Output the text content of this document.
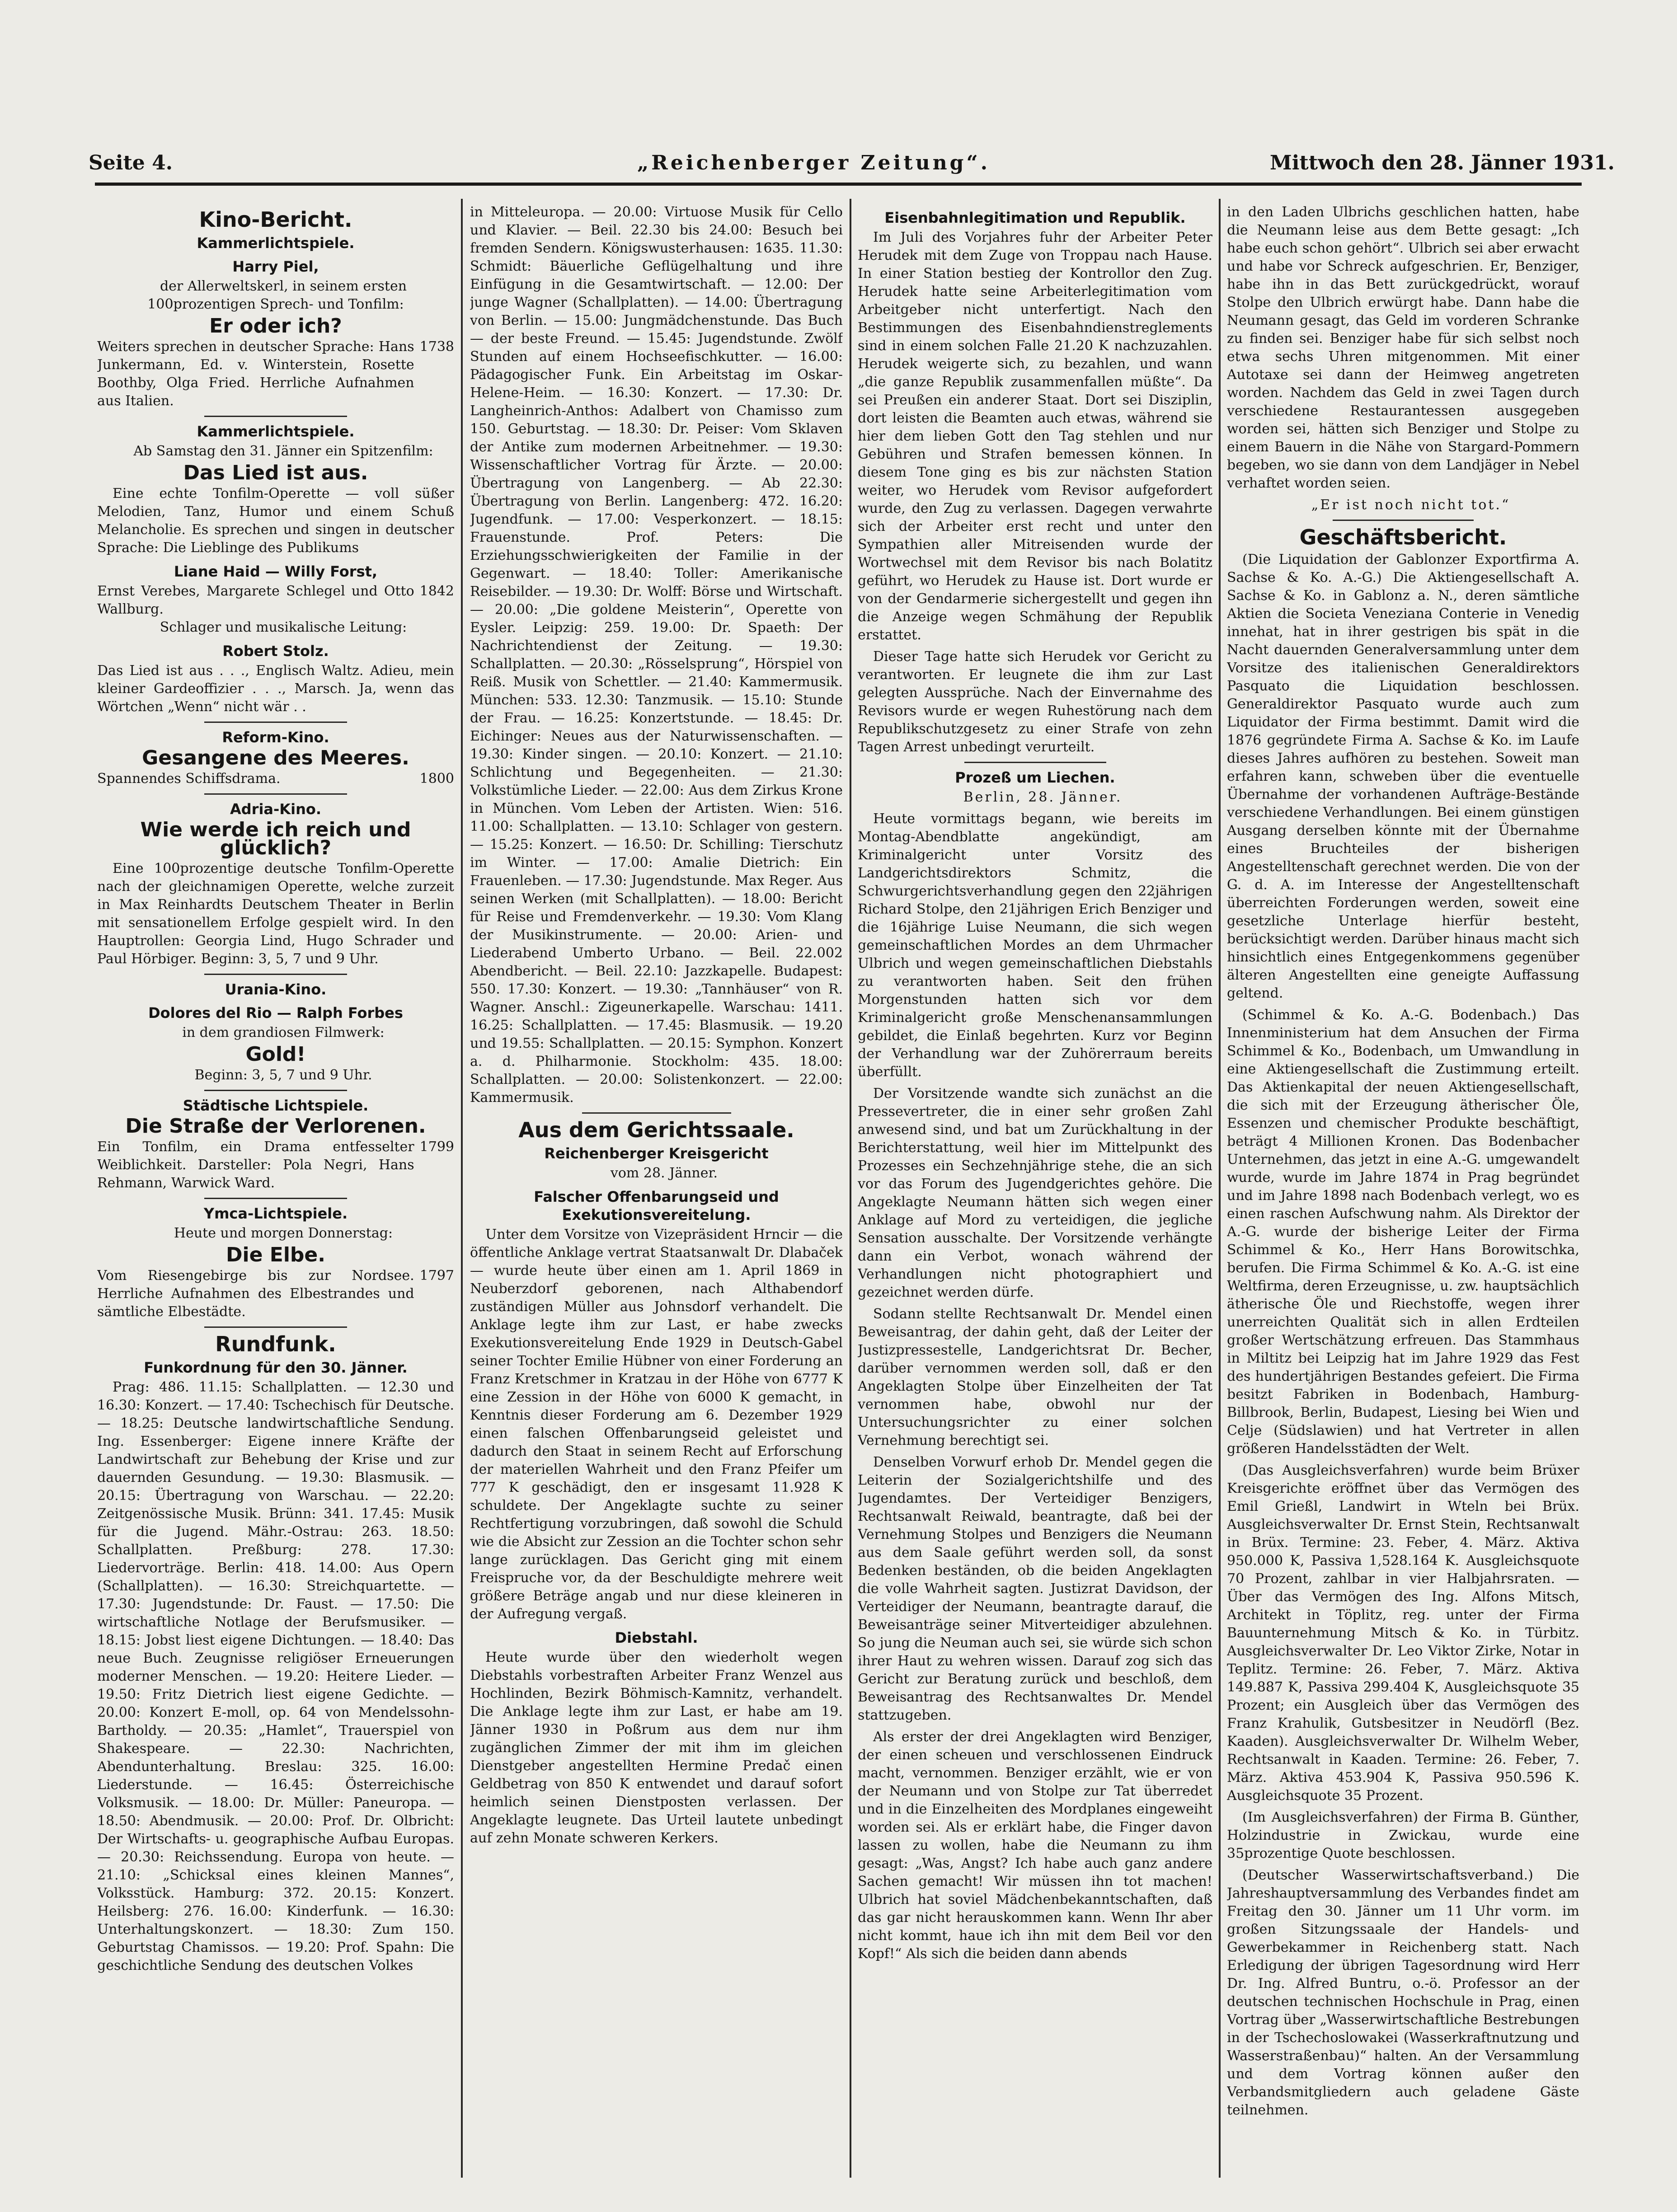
Seite 4.	„Reichenberger Zeitung“.	Mittwoch den 28. Jänner 1931.
Kino-Bericht.
Kammerlichtspiele.
Harry Piel,

der Allerweltskerl, in seinem ersten 100prozentigen Sprech- und Tonfilm:

Er oder ich?
Weiters sprechen in deutscher Sprache: Hans Junkermann, Ed. v. Winterstein, Rosette Boothby, Olga Fried. Herrliche Aufnahmen aus Italien.
1738
Kammerlichtspiele.

Ab Samstag den 31. Jänner ein Spitzenfilm:

Das Lied ist aus.

Eine echte Tonfilm-Operette — voll süßer Melodien, Tanz, Humor und einem Schuß Melancholie. Es sprechen und singen in deutscher Sprache: Die Lieblinge des Publikums

Liane Haid — Willy Forst,
Ernst Verebes, Margarete Schlegel und Otto Wallburg.
1842

Schlager und musikalische Leitung:

Robert Stolz.

Das Lied ist aus . . ., Englisch Waltz. Adieu, mein kleiner Gardeoffizier . . ., Marsch. Ja, wenn das Wörtchen „Wenn“ nicht wär . .

Reform-Kino.
Gesangene des Meeres.
Spannendes Schiffsdrama.	1800
Adria-Kino.
Wie werde ich reich und glücklich?

Eine 100prozentige deutsche Tonfilm-Operette nach der gleichnamigen Operette, welche zurzeit in Max Reinhardts Deutschem Theater in Berlin mit sensationellem Erfolge gespielt wird. In den Hauptrollen: Georgia Lind, Hugo Schrader und Paul Hörbiger. Beginn: 3, 5, 7 und 9 Uhr.

Urania-Kino.
Dolores del Rio — Ralph Forbes

in dem grandiosen Filmwerk:

Gold!

Beginn: 3, 5, 7 und 9 Uhr.

Städtische Lichtspiele.
Die Straße der Verlorenen.
Ein Tonfilm, ein Drama entfesselter Weiblichkeit. Darsteller: Pola Negri, Hans Rehmann, Warwick Ward.
1799
Ymca-Lichtspiele.

Heute und morgen Donnerstag:

Die Elbe.
Vom Riesengebirge bis zur Nordsee. Herrliche Aufnahmen des Elbestrandes und sämtliche Elbestädte.
1797
Rundfunk.
Funkordnung für den 30. Jänner.

Prag: 486. 11.15: Schallplatten. — 12.30 und 16.30: Konzert. — 17.40: Tschechisch für Deutsche. — 18.25: Deutsche landwirtschaftliche Sendung. Ing. Essenberger: Eigene innere Kräfte der Landwirtschaft zur Behebung der Krise und zur dauernden Gesundung. — 19.30: Blasmusik. — 20.15: Übertragung von Warschau. — 22.20: Zeitgenössische Musik. Brünn: 341. 17.45: Musik für die Jugend. Mähr.-Ostrau: 263. 18.50: Schallplatten. Preßburg: 278. 17.30: Liedervorträge. Berlin: 418. 14.00: Aus Opern (Schallplatten). — 16.30: Streichquartette. — 17.30: Jugendstunde: Dr. Faust. — 17.50: Die wirtschaftliche Notlage der Berufsmusiker. — 18.15: Jobst liest eigene Dichtungen. — 18.40: Das neue Buch. Zeugnisse religiöser Erneuerungen moderner Menschen. — 19.20: Heitere Lieder. — 19.50: Fritz Dietrich liest eigene Gedichte. — 20.00: Konzert E-moll, op. 64 von Mendelssohn-Bartholdy. — 20.35: „Hamlet“, Trauerspiel von Shakespeare. — 22.30: Nachrichten, Abendunterhaltung. Breslau: 325. 16.00: Liederstunde. — 16.45: Österreichische Volksmusik. — 18.00: Dr. Müller: Paneuropa. — 18.50: Abendmusik. — 20.00: Prof. Dr. Olbricht: Der Wirtschafts- u. geographische Aufbau Europas. — 20.30: Reichssendung. Europa von heute. — 21.10: „Schicksal eines kleinen Mannes“, Volksstück. Hamburg: 372. 20.15: Konzert. Heilsberg: 276. 16.00: Kinderfunk. — 16.30: Unterhaltungskonzert. — 18.30: Zum 150. Geburtstag Chamissos. — 19.20: Prof. Spahn: Die geschichtliche Sendung des deutschen Volkes

in Mitteleuropa. — 20.00: Virtuose Musik für Cello und Klavier. — Beil. 22.30 bis 24.00: Besuch bei fremden Sendern. Königswusterhausen: 1635. 11.30: Schmidt: Bäuerliche Geflügelhaltung und ihre Einfügung in die Gesamtwirtschaft. — 12.00: Der junge Wagner (Schallplatten). — 14.00: Übertragung von Berlin. — 15.00: Jungmädchenstunde. Das Buch — der beste Freund. — 15.45: Jugendstunde. Zwölf Stunden auf einem Hochseefischkutter. — 16.00: Pädagogischer Funk. Ein Arbeitstag im Oskar-Helene-Heim. — 16.30: Konzert. — 17.30: Dr. Langheinrich-Anthos: Adalbert von Chamisso zum 150. Geburtstag. — 18.30: Dr. Peiser: Vom Sklaven der Antike zum modernen Arbeitnehmer. — 19.30: Wissenschaftlicher Vortrag für Ärzte. — 20.00: Übertragung von Langenberg. — Ab 22.30: Übertragung von Berlin. Langenberg: 472. 16.20: Jugendfunk. — 17.00: Vesperkonzert. — 18.15: Frauenstunde. Prof. Peters: Die Erziehungsschwierigkeiten der Familie in der Gegenwart. — 18.40: Toller: Amerikanische Reisebilder. — 19.30: Dr. Wolff: Börse und Wirtschaft. — 20.00: „Die goldene Meisterin“, Operette von Eysler. Leipzig: 259. 19.00: Dr. Spaeth: Der Nachrichtendienst der Zeitung. — 19.30: Schallplatten. — 20.30: „Rösselsprung“, Hörspiel von Reiß. Musik von Schettler. — 21.40: Kammermusik. München: 533. 12.30: Tanzmusik. — 15.10: Stunde der Frau. — 16.25: Konzertstunde. — 18.45: Dr. Eichinger: Neues aus der Naturwissenschaften. — 19.30: Kinder singen. — 20.10: Konzert. — 21.10: Schlichtung und Begegenheiten. — 21.30: Volkstümliche Lieder. — 22.00: Aus dem Zirkus Krone in München. Vom Leben der Artisten. Wien: 516. 11.00: Schallplatten. — 13.10: Schlager von gestern. — 15.25: Konzert. — 16.50: Dr. Schilling: Tierschutz im Winter. — 17.00: Amalie Dietrich: Ein Frauenleben. — 17.30: Jugendstunde. Max Reger. Aus seinen Werken (mit Schallplatten). — 18.00: Bericht für Reise und Fremdenverkehr. — 19.30: Vom Klang der Musikinstrumente. — 20.00: Arien- und Liederabend Umberto Urbano. — Beil. 22.002 Abendbericht. — Beil. 22.10: Jazzkapelle. Budapest: 550. 17.30: Konzert. — 19.30: „Tannhäuser“ von R. Wagner. Anschl.: Zigeunerkapelle. Warschau: 1411. 16.25: Schallplatten. — 17.45: Blasmusik. — 19.20 und 19.55: Schallplatten. — 20.15: Symphon. Konzert a. d. Philharmonie. Stockholm: 435. 18.00: Schallplatten. — 20.00: Solistenkonzert. — 22.00: Kammermusik.

Aus dem Gerichtssaale.
Reichenberger Kreisgericht

vom 28. Jänner.

Falscher Offenbarungseid und Exekutionsvereitelung.

Unter dem Vorsitze von Vizepräsident Hrncir — die öffentliche Anklage vertrat Staatsanwalt Dr. Dlabaček — wurde heute über einen am 1. April 1869 in Neuberzdorf geborenen, nach Althabendorf zuständigen Müller aus Johnsdorf verhandelt. Die Anklage legte ihm zur Last, er habe zwecks Exekutionsvereitelung Ende 1929 in Deutsch-Gabel seiner Tochter Emilie Hübner von einer Forderung an Franz Kretschmer in Kratzau in der Höhe von 6777 K eine Zession in der Höhe von 6000 K gemacht, in Kenntnis dieser Forderung am 6. Dezember 1929 einen falschen Offenbarungseid geleistet und dadurch den Staat in seinem Recht auf Erforschung der materiellen Wahrheit und den Franz Pfeifer um 777 K geschädigt, den er insgesamt 11.928 K schuldete. Der Angeklagte suchte zu seiner Rechtfertigung vorzubringen, daß sowohl die Schuld wie die Absicht zur Zession an die Tochter schon sehr lange zurücklagen. Das Gericht ging mit einem Freispruche vor, da der Beschuldigte mehrere weit größere Beträge angab und nur diese kleineren in der Aufregung vergaß.

Diebstahl.

Heute wurde über den wiederholt wegen Diebstahls vorbestraften Arbeiter Franz Wenzel aus Hochlinden, Bezirk Böhmisch-Kamnitz, verhandelt. Die Anklage legte ihm zur Last, er habe am 19. Jänner 1930 in Poßrum aus dem nur ihm zugänglichen Zimmer der mit ihm im gleichen Dienstgeber angestellten Hermine Predač einen Geldbetrag von 850 K entwendet und darauf sofort heimlich seinen Dienstposten verlassen. Der Angeklagte leugnete. Das Urteil lautete unbedingt auf zehn Monate schweren Kerkers.

Eisenbahnlegitimation und Republik.

Im Juli des Vorjahres fuhr der Arbeiter Peter Herudek mit dem Zuge von Troppau nach Hause. In einer Station bestieg der Kontrollor den Zug. Herudek hatte seine Arbeiterlegitimation vom Arbeitgeber nicht unterfertigt. Nach den Bestimmungen des Eisenbahndienstreglements sind in einem solchen Falle 21.20 K nachzuzahlen. Herudek weigerte sich, zu bezahlen, und wann „die ganze Republik zusammenfallen müßte“. Da sei Preußen ein anderer Staat. Dort sei Disziplin, dort leisten die Beamten auch etwas, während sie hier dem lieben Gott den Tag stehlen und nur Gebühren und Strafen bemessen können. In diesem Tone ging es bis zur nächsten Station weiter, wo Herudek vom Revisor aufgefordert wurde, den Zug zu verlassen. Dagegen verwahrte sich der Arbeiter erst recht und unter den Sympathien aller Mitreisenden wurde der Wortwechsel mit dem Revisor bis nach Bolatitz geführt, wo Herudek zu Hause ist. Dort wurde er von der Gendarmerie sichergestellt und gegen ihn die Anzeige wegen Schmähung der Republik erstattet.

Dieser Tage hatte sich Herudek vor Gericht zu verantworten. Er leugnete die ihm zur Last gelegten Aussprüche. Nach der Einvernahme des Revisors wurde er wegen Ruhestörung nach dem Republikschutzgesetz zu einer Strafe von zehn Tagen Arrest unbedingt verurteilt.

Prozeß um Liechen.

Berlin, 28. Jänner.

Heute vormittags begann, wie bereits im Montag-Abendblatte angekündigt, am Kriminalgericht unter Vorsitz des Landgerichtsdirektors Schmitz, die Schwurgerichtsverhandlung gegen den 22jährigen Richard Stolpe, den 21jährigen Erich Benziger und die 16jährige Luise Neumann, die sich wegen gemeinschaftlichen Mordes an dem Uhrmacher Ulbrich und wegen gemeinschaftlichen Diebstahls zu verantworten haben. Seit den frühen Morgenstunden hatten sich vor dem Kriminalgericht große Menschenansammlungen gebildet, die Einlaß begehrten. Kurz vor Beginn der Verhandlung war der Zuhörerraum bereits überfüllt.

Der Vorsitzende wandte sich zunächst an die Pressevertreter, die in einer sehr großen Zahl anwesend sind, und bat um Zurückhaltung in der Berichterstattung, weil hier im Mittelpunkt des Prozesses ein Sechzehnjährige stehe, die an sich vor das Forum des Jugendgerichtes gehöre. Die Angeklagte Neumann hätten sich wegen einer Anklage auf Mord zu verteidigen, die jegliche Sensation ausschalte. Der Vorsitzende verhängte dann ein Verbot, wonach während der Verhandlungen nicht photographiert und gezeichnet werden dürfe.

Sodann stellte Rechtsanwalt Dr. Mendel einen Beweisantrag, der dahin geht, daß der Leiter der Justizpressestelle, Landgerichtsrat Dr. Becher, darüber vernommen werden soll, daß er den Angeklagten Stolpe über Einzelheiten der Tat vernommen habe, obwohl nur der Untersuchungsrichter zu einer solchen Vernehmung berechtigt sei.

Denselben Vorwurf erhob Dr. Mendel gegen die Leiterin der Sozialgerichtshilfe und des Jugendamtes. Der Verteidiger Benzigers, Rechtsanwalt Reiwald, beantragte, daß bei der Vernehmung Stolpes und Benzigers die Neumann aus dem Saale geführt werden soll, da sonst Bedenken beständen, ob die beiden Angeklagten die volle Wahrheit sagten. Justizrat Davidson, der Verteidiger der Neumann, beantragte darauf, die Beweisanträge seiner Mitverteidiger abzulehnen. So jung die Neuman auch sei, sie würde sich schon ihrer Haut zu wehren wissen. Darauf zog sich das Gericht zur Beratung zurück und beschloß, dem Beweisantrag des Rechtsanwaltes Dr. Mendel stattzugeben.

Als erster der drei Angeklagten wird Benziger, der einen scheuen und verschlossenen Eindruck macht, vernommen. Benziger erzählt, wie er von der Neumann und von Stolpe zur Tat überredet und in die Einzelheiten des Mordplanes eingeweiht worden sei. Als er erklärt habe, die Finger davon lassen zu wollen, habe die Neumann zu ihm gesagt: „Was, Angst? Ich habe auch ganz andere Sachen gemacht! Wir müssen ihn tot machen! Ulbrich hat soviel Mädchenbekanntschaften, daß das gar nicht herauskommen kann. Wenn Ihr aber nicht kommt, haue ich ihn mit dem Beil vor den Kopf!“ Als sich die beiden dann abends

in den Laden Ulbrichs geschlichen hatten, habe die Neumann leise aus dem Bette gesagt: „Ich habe euch schon gehört“. Ulbrich sei aber erwacht und habe vor Schreck aufgeschrien. Er, Benziger, habe ihn in das Bett zurückgedrückt, worauf Stolpe den Ulbrich erwürgt habe. Dann habe die Neumann gesagt, das Geld im vorderen Schranke zu finden sei. Benziger habe für sich selbst noch etwa sechs Uhren mitgenommen. Mit einer Autotaxe sei dann der Heimweg angetreten worden. Nachdem das Geld in zwei Tagen durch verschiedene Restaurantessen ausgegeben worden sei, hätten sich Benziger und Stolpe zu einem Bauern in die Nähe von Stargard-Pommern begeben, wo sie dann von dem Landjäger in Nebel verhaftet worden seien.

„Er ist noch nicht tot.“

Geschäftsbericht.

(Die Liquidation der Gablonzer Exportfirma A. Sachse & Ko. A.-G.) Die Aktiengesellschaft A. Sachse & Ko. in Gablonz a. N., deren sämtliche Aktien die Societa Veneziana Conterie in Venedig innehat, hat in ihrer gestrigen bis spät in die Nacht dauernden Generalversammlung unter dem Vorsitze des italienischen Generaldirektors Pasquato die Liquidation beschlossen. Generaldirektor Pasquato wurde auch zum Liquidator der Firma bestimmt. Damit wird die 1876 gegründete Firma A. Sachse & Ko. im Laufe dieses Jahres aufhören zu bestehen. Soweit man erfahren kann, schweben über die eventuelle Übernahme der vorhandenen Aufträge-Bestände verschiedene Verhandlungen. Bei einem günstigen Ausgang derselben könnte mit der Übernahme eines Bruchteiles der bisherigen Angestelltenschaft gerechnet werden. Die von der G. d. A. im Interesse der Angestelltenschaft überreichten Forderungen werden, soweit eine gesetzliche Unterlage hierfür besteht, berücksichtigt werden. Darüber hinaus macht sich hinsichtlich eines Entgegenkommens gegenüber älteren Angestellten eine geneigte Auffassung geltend.

(Schimmel & Ko. A.-G. Bodenbach.) Das Innenministerium hat dem Ansuchen der Firma Schimmel & Ko., Bodenbach, um Umwandlung in eine Aktiengesellschaft die Zustimmung erteilt. Das Aktienkapital der neuen Aktiengesellschaft, die sich mit der Erzeugung ätherischer Öle, Essenzen und chemischer Produkte beschäftigt, beträgt 4 Millionen Kronen. Das Bodenbacher Unternehmen, das jetzt in eine A.-G. umgewandelt wurde, wurde im Jahre 1874 in Prag begründet und im Jahre 1898 nach Bodenbach verlegt, wo es einen raschen Aufschwung nahm. Als Direktor der A.-G. wurde der bisherige Leiter der Firma Schimmel & Ko., Herr Hans Borowitschka, berufen. Die Firma Schimmel & Ko. A.-G. ist eine Weltfirma, deren Erzeugnisse, u. zw. hauptsächlich ätherische Öle und Riechstoffe, wegen ihrer unerreichten Qualität sich in allen Erdteilen großer Wertschätzung erfreuen. Das Stammhaus in Miltitz bei Leipzig hat im Jahre 1929 das Fest des hundertjährigen Bestandes gefeiert. Die Firma besitzt Fabriken in Bodenbach, Hamburg-Billbrook, Berlin, Budapest, Liesing bei Wien und Celje (Südslawien) und hat Vertreter in allen größeren Handelsstädten der Welt.

(Das Ausgleichsverfahren) wurde beim Brüxer Kreisgerichte eröffnet über das Vermögen des Emil Grießl, Landwirt in Wteln bei Brüx. Ausgleichsverwalter Dr. Ernst Stein, Rechtsanwalt in Brüx. Termine: 23. Feber, 4. März. Aktiva 950.000 K, Passiva 1,528.164 K. Ausgleichsquote 70 Prozent, zahlbar in vier Halbjahrsraten. — Über das Vermögen des Ing. Alfons Mitsch, Architekt in Töplitz, reg. unter der Firma Bauunternehmung Mitsch & Ko. in Türbitz. Ausgleichsverwalter Dr. Leo Viktor Zirke, Notar in Teplitz. Termine: 26. Feber, 7. März. Aktiva 149.887 K, Passiva 299.404 K, Ausgleichsquote 35 Prozent; ein Ausgleich über das Vermögen des Franz Krahulik, Gutsbesitzer in Neudörfl (Bez. Kaaden). Ausgleichsverwalter Dr. Wilhelm Weber, Rechtsanwalt in Kaaden. Termine: 26. Feber, 7. März. Aktiva 453.904 K, Passiva 950.596 K. Ausgleichsquote 35 Prozent.

(Im Ausgleichsverfahren) der Firma B. Günther, Holzindustrie in Zwickau, wurde eine 35prozentige Quote beschlossen.

(Deutscher Wasserwirtschaftsverband.) Die Jahreshauptversammlung des Verbandes findet am Freitag den 30. Jänner um 11 Uhr vorm. im großen Sitzungssaale der Handels- und Gewerbekammer in Reichenberg statt. Nach Erledigung der übrigen Tagesordnung wird Herr Dr. Ing. Alfred Buntru, o.-ö. Professor an der deutschen technischen Hochschule in Prag, einen Vortrag über „Wasserwirtschaftliche Bestrebungen in der Tschechoslowakei (Wasserkraftnutzung und Wasserstraßenbau)“ halten. An der Versammlung und dem Vortrag können außer den Verbandsmitgliedern auch geladene Gäste teilnehmen.
